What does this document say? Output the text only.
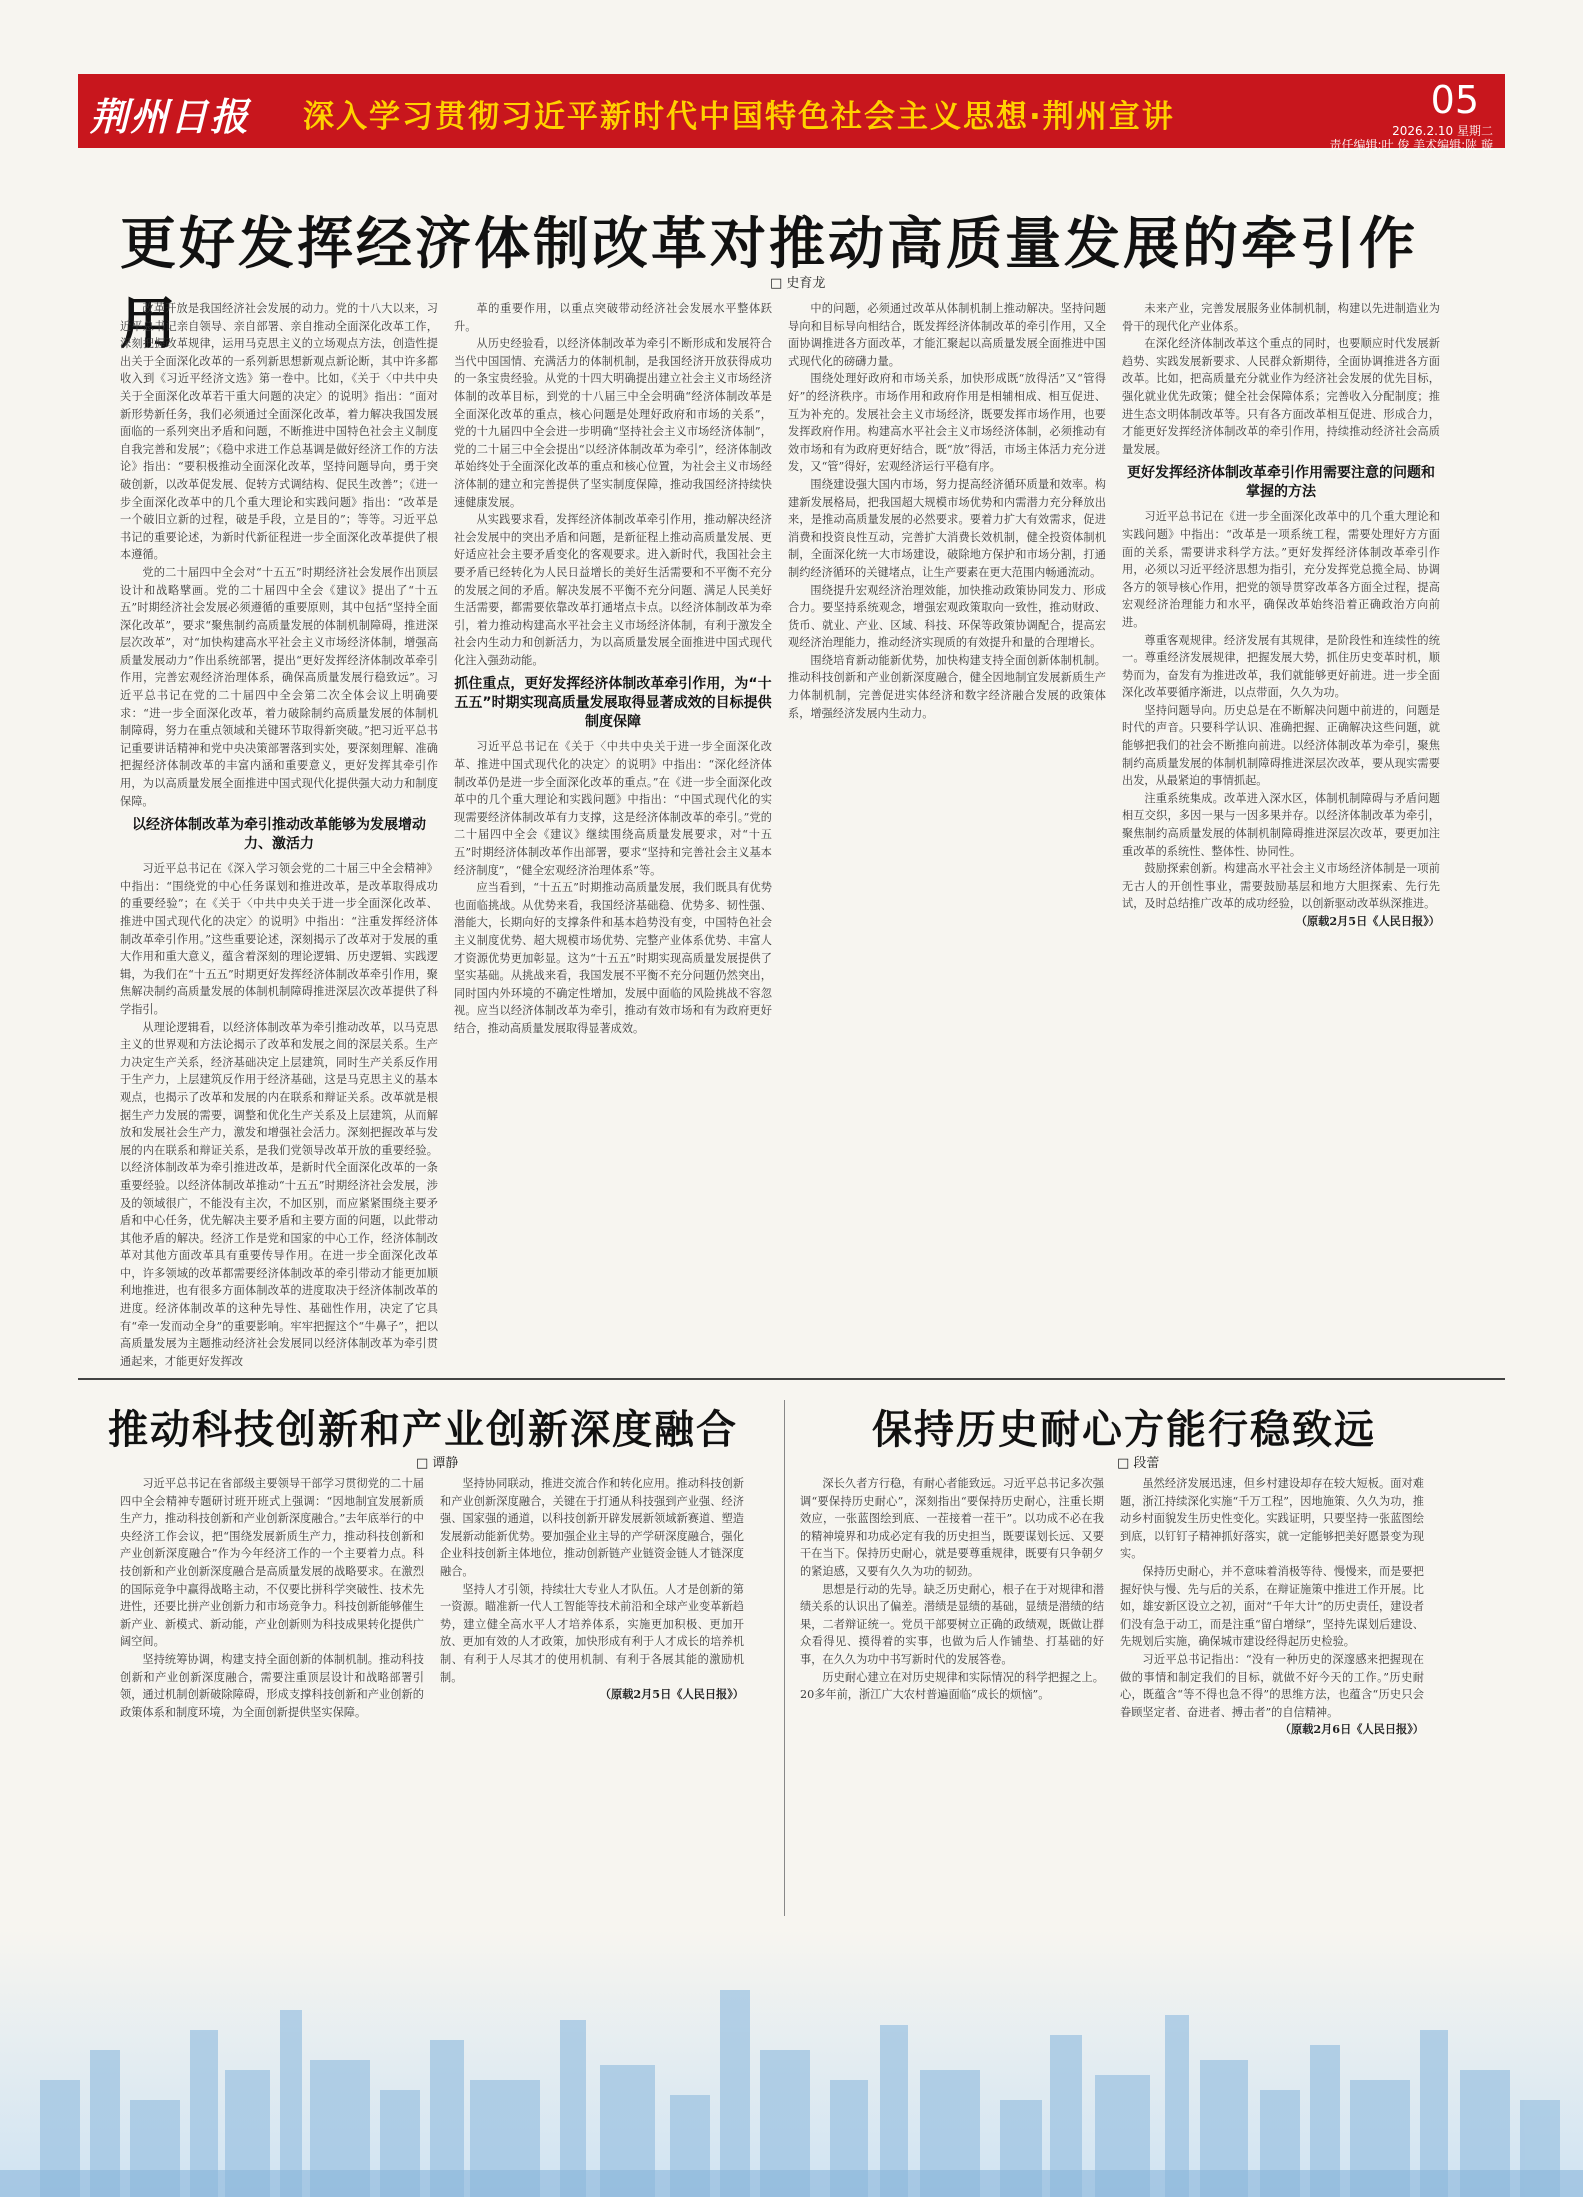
荆州日报 深入学习贯彻习近平新时代中国特色社会主义思想·荆州宣讲	05
2026.2.10 星期二
责任编辑:叶 俊 美术编辑:陕 璇
更好发挥经济体制改革对推动高质量发展的牵引作用
□ 史育龙

改革开放是我国经济社会发展的动力。党的十八大以来，习近平总书记亲自领导、亲自部署、亲自推动全面深化改革工作，深刻把握改革规律，运用马克思主义的立场观点方法，创造性提出关于全面深化改革的一系列新思想新观点新论断，其中许多都收入到《习近平经济文选》第一卷中。比如，《关于〈中共中央关于全面深化改革若干重大问题的决定〉的说明》指出：“面对新形势新任务，我们必须通过全面深化改革，着力解决我国发展面临的一系列突出矛盾和问题，不断推进中国特色社会主义制度自我完善和发展”；《稳中求进工作总基调是做好经济工作的方法论》指出：“要积极推动全面深化改革，坚持问题导向，勇于突破创新，以改革促发展、促转方式调结构、促民生改善”；《进一步全面深化改革中的几个重大理论和实践问题》指出：“改革是一个破旧立新的过程，破是手段，立是目的”；等等。习近平总书记的重要论述，为新时代新征程进一步全面深化改革提供了根本遵循。

党的二十届四中全会对“十五五”时期经济社会发展作出顶层设计和战略擘画。党的二十届四中全会《建议》提出了“十五五”时期经济社会发展必须遵循的重要原则，其中包括“坚持全面深化改革”，要求“聚焦制约高质量发展的体制机制障碍，推进深层次改革”，对“加快构建高水平社会主义市场经济体制，增强高质量发展动力”作出系统部署，提出“更好发挥经济体制改革牵引作用，完善宏观经济治理体系，确保高质量发展行稳致远”。习近平总书记在党的二十届四中全会第二次全体会议上明确要求：“进一步全面深化改革，着力破除制约高质量发展的体制机制障碍，努力在重点领域和关键环节取得新突破。”把习近平总书记重要讲话精神和党中央决策部署落到实处，要深刻理解、准确把握经济体制改革的丰富内涵和重要意义，更好发挥其牵引作用，为以高质量发展全面推进中国式现代化提供强大动力和制度保障。

以经济体制改革为牵引推动改革能够为发展增动力、激活力

习近平总书记在《深入学习领会党的二十届三中全会精神》中指出：“围绕党的中心任务谋划和推进改革，是改革取得成功的重要经验”；在《关于〈中共中央关于进一步全面深化改革、推进中国式现代化的决定〉的说明》中指出：“注重发挥经济体制改革牵引作用。”这些重要论述，深刻揭示了改革对于发展的重大作用和重大意义，蕴含着深刻的理论逻辑、历史逻辑、实践逻辑，为我们在“十五五”时期更好发挥经济体制改革牵引作用，聚焦解决制约高质量发展的体制机制障碍推进深层次改革提供了科学指引。

从理论逻辑看，以经济体制改革为牵引推动改革，以马克思主义的世界观和方法论揭示了改革和发展之间的深层关系。生产力决定生产关系，经济基础决定上层建筑，同时生产关系反作用于生产力，上层建筑反作用于经济基础，这是马克思主义的基本观点，也揭示了改革和发展的内在联系和辩证关系。改革就是根据生产力发展的需要，调整和优化生产关系及上层建筑，从而解放和发展社会生产力，激发和增强社会活力。深刻把握改革与发展的内在联系和辩证关系，是我们党领导改革开放的重要经验。以经济体制改革为牵引推进改革，是新时代全面深化改革的一条重要经验。以经济体制改革推动“十五五”时期经济社会发展，涉及的领域很广，不能没有主次，不加区别，而应紧紧围绕主要矛盾和中心任务，优先解决主要矛盾和主要方面的问题，以此带动其他矛盾的解决。经济工作是党和国家的中心工作，经济体制改革对其他方面改革具有重要传导作用。在进一步全面深化改革中，许多领域的改革都需要经济体制改革的牵引带动才能更加顺利地推进，也有很多方面体制改革的进度取决于经济体制改革的进度。经济体制改革的这种先导性、基础性作用，决定了它具有“牵一发而动全身”的重要影响。牢牢把握这个“牛鼻子”，把以高质量发展为主题推动经济社会发展同以经济体制改革为牵引贯通起来，才能更好发挥改

革的重要作用，以重点突破带动经济社会发展水平整体跃升。

从历史经验看，以经济体制改革为牵引不断形成和发展符合当代中国国情、充满活力的体制机制，是我国经济开放获得成功的一条宝贵经验。从党的十四大明确提出建立社会主义市场经济体制的改革目标，到党的十八届三中全会明确“经济体制改革是全面深化改革的重点，核心问题是处理好政府和市场的关系”，党的十九届四中全会进一步明确“坚持社会主义市场经济体制”，党的二十届三中全会提出“以经济体制改革为牵引”，经济体制改革始终处于全面深化改革的重点和核心位置，为社会主义市场经济体制的建立和完善提供了坚实制度保障，推动我国经济持续快速健康发展。

从实践要求看，发挥经济体制改革牵引作用，推动解决经济社会发展中的突出矛盾和问题，是新征程上推动高质量发展、更好适应社会主要矛盾变化的客观要求。进入新时代，我国社会主要矛盾已经转化为人民日益增长的美好生活需要和不平衡不充分的发展之间的矛盾。解决发展不平衡不充分问题、满足人民美好生活需要，都需要依靠改革打通堵点卡点。以经济体制改革为牵引，着力推动构建高水平社会主义市场经济体制，有利于激发全社会内生动力和创新活力，为以高质量发展全面推进中国式现代化注入强劲动能。

抓住重点，更好发挥经济体制改革牵引作用，为“十五五”时期实现高质量发展取得显著成效的目标提供制度保障

习近平总书记在《关于〈中共中央关于进一步全面深化改革、推进中国式现代化的决定〉的说明》中指出：“深化经济体制改革仍是进一步全面深化改革的重点。”在《进一步全面深化改革中的几个重大理论和实践问题》中指出：“中国式现代化的实现需要经济体制改革有力支撑，这是经济体制改革的牵引。”党的二十届四中全会《建议》继续围绕高质量发展要求，对“十五五”时期经济体制改革作出部署，要求“坚持和完善社会主义基本经济制度”，“健全宏观经济治理体系”等。

应当看到，“十五五”时期推动高质量发展，我们既具有优势也面临挑战。从优势来看，我国经济基础稳、优势多、韧性强、潜能大，长期向好的支撑条件和基本趋势没有变，中国特色社会主义制度优势、超大规模市场优势、完整产业体系优势、丰富人才资源优势更加彰显。这为“十五五”时期实现高质量发展提供了坚实基础。从挑战来看，我国发展不平衡不充分问题仍然突出，同时国内外环境的不确定性增加，发展中面临的风险挑战不容忽视。应当以经济体制改革为牵引，推动有效市场和有为政府更好结合，推动高质量发展取得显著成效。

中的问题，必须通过改革从体制机制上推动解决。坚持问题导向和目标导向相结合，既发挥经济体制改革的牵引作用，又全面协调推进各方面改革，才能汇聚起以高质量发展全面推进中国式现代化的磅礴力量。

围绕处理好政府和市场关系，加快形成既“放得活”又“管得好”的经济秩序。市场作用和政府作用是相辅相成、相互促进、互为补充的。发展社会主义市场经济，既要发挥市场作用，也要发挥政府作用。构建高水平社会主义市场经济体制，必须推动有效市场和有为政府更好结合，既“放”得活，市场主体活力充分迸发，又“管”得好，宏观经济运行平稳有序。

围绕建设强大国内市场，努力提高经济循环质量和效率。构建新发展格局，把我国超大规模市场优势和内需潜力充分释放出来，是推动高质量发展的必然要求。要着力扩大有效需求，促进消费和投资良性互动，完善扩大消费长效机制，健全投资体制机制，全面深化统一大市场建设，破除地方保护和市场分割，打通制约经济循环的关键堵点，让生产要素在更大范围内畅通流动。

围绕提升宏观经济治理效能，加快推动政策协同发力、形成合力。要坚持系统观念，增强宏观政策取向一致性，推动财政、货币、就业、产业、区域、科技、环保等政策协调配合，提高宏观经济治理能力，推动经济实现质的有效提升和量的合理增长。

围绕培育新动能新优势，加快构建支持全面创新体制机制。推动科技创新和产业创新深度融合，健全因地制宜发展新质生产力体制机制，完善促进实体经济和数字经济融合发展的政策体系，增强经济发展内生动力。

未来产业，完善发展服务业体制机制，构建以先进制造业为骨干的现代化产业体系。

在深化经济体制改革这个重点的同时，也要顺应时代发展新趋势、实践发展新要求、人民群众新期待，全面协调推进各方面改革。比如，把高质量充分就业作为经济社会发展的优先目标，强化就业优先政策；健全社会保障体系；完善收入分配制度；推进生态文明体制改革等。只有各方面改革相互促进、形成合力，才能更好发挥经济体制改革的牵引作用，持续推动经济社会高质量发展。

更好发挥经济体制改革牵引作用需要注意的问题和掌握的方法

习近平总书记在《进一步全面深化改革中的几个重大理论和实践问题》中指出：“改革是一项系统工程，需要处理好方方面面的关系，需要讲求科学方法。”更好发挥经济体制改革牵引作用，必须以习近平经济思想为指引，充分发挥党总揽全局、协调各方的领导核心作用，把党的领导贯穿改革各方面全过程，提高宏观经济治理能力和水平，确保改革始终沿着正确政治方向前进。

尊重客观规律。经济发展有其规律，是阶段性和连续性的统一。尊重经济发展规律，把握发展大势，抓住历史变革时机，顺势而为，奋发有为推进改革，我们就能够更好前进。进一步全面深化改革要循序渐进，以点带面，久久为功。

坚持问题导向。历史总是在不断解决问题中前进的，问题是时代的声音。只要科学认识、准确把握、正确解决这些问题，就能够把我们的社会不断推向前进。以经济体制改革为牵引，聚焦制约高质量发展的体制机制障碍推进深层次改革，要从现实需要出发，从最紧迫的事情抓起。

注重系统集成。改革进入深水区，体制机制障碍与矛盾问题相互交织，多因一果与一因多果并存。以经济体制改革为牵引，聚焦制约高质量发展的体制机制障碍推进深层次改革，要更加注重改革的系统性、整体性、协同性。

鼓励探索创新。构建高水平社会主义市场经济体制是一项前无古人的开创性事业，需要鼓励基层和地方大胆探索、先行先试，及时总结推广改革的成功经验，以创新驱动改革纵深推进。

（原载2月5日《人民日报》）

推动科技创新和产业创新深度融合
□ 谭静

习近平总书记在省部级主要领导干部学习贯彻党的二十届四中全会精神专题研讨班开班式上强调：“因地制宜发展新质生产力，推动科技创新和产业创新深度融合。”去年底举行的中央经济工作会议，把“围绕发展新质生产力，推动科技创新和产业创新深度融合”作为今年经济工作的一个主要着力点。科技创新和产业创新深度融合是高质量发展的战略要求。在激烈的国际竞争中赢得战略主动，不仅要比拼科学突破性、技术先进性，还要比拼产业创新力和市场竞争力。科技创新能够催生新产业、新模式、新动能，产业创新则为科技成果转化提供广阔空间。

坚持统筹协调，构建支持全面创新的体制机制。推动科技创新和产业创新深度融合，需要注重顶层设计和战略部署引领，通过机制创新破除障碍，形成支撑科技创新和产业创新的政策体系和制度环境，为全面创新提供坚实保障。

坚持协同联动，推进交流合作和转化应用。推动科技创新和产业创新深度融合，关键在于打通从科技强到产业强、经济强、国家强的通道，以科技创新开辟发展新领域新赛道、塑造发展新动能新优势。要加强企业主导的产学研深度融合，强化企业科技创新主体地位，推动创新链产业链资金链人才链深度融合。

坚持人才引领，持续壮大专业人才队伍。人才是创新的第一资源。瞄准新一代人工智能等技术前沿和全球产业变革新趋势，建立健全高水平人才培养体系，实施更加积极、更加开放、更加有效的人才政策，加快形成有利于人才成长的培养机制、有利于人尽其才的使用机制、有利于各展其能的激励机制。

（原载2月5日《人民日报》）

保持历史耐心方能行稳致远
□ 段蕾

深长久者方行稳，有耐心者能致远。习近平总书记多次强调“要保持历史耐心”，深刻指出“要保持历史耐心，注重长期效应，一张蓝图绘到底、一茬接着一茬干”。以功成不必在我的精神境界和功成必定有我的历史担当，既要谋划长远、又要干在当下。保持历史耐心，就是要尊重规律，既要有只争朝夕的紧迫感，又要有久久为功的韧劲。

思想是行动的先导。缺乏历史耐心，根子在于对规律和潜绩关系的认识出了偏差。潜绩是显绩的基础，显绩是潜绩的结果，二者辩证统一。党员干部要树立正确的政绩观，既做让群众看得见、摸得着的实事，也做为后人作铺垫、打基础的好事，在久久为功中书写新时代的发展答卷。

历史耐心建立在对历史规律和实际情况的科学把握之上。20多年前，浙江广大农村普遍面临“成长的烦恼”。

虽然经济发展迅速，但乡村建设却存在较大短板。面对难题，浙江持续深化实施“千万工程”，因地施策、久久为功，推动乡村面貌发生历史性变化。实践证明，只要坚持一张蓝图绘到底，以钉钉子精神抓好落实，就一定能够把美好愿景变为现实。

保持历史耐心，并不意味着消极等待、慢慢来，而是要把握好快与慢、先与后的关系，在辩证施策中推进工作开展。比如，雄安新区设立之初，面对“千年大计”的历史责任，建设者们没有急于动工，而是注重“留白增绿”，坚持先谋划后建设、先规划后实施，确保城市建设经得起历史检验。

习近平总书记指出：“没有一种历史的深邃感来把握现在做的事情和制定我们的目标，就做不好今天的工作。”历史耐心，既蕴含“等不得也急不得”的思维方法，也蕴含“历史只会眷顾坚定者、奋进者、搏击者”的自信精神。

（原载2月6日《人民日报》）
